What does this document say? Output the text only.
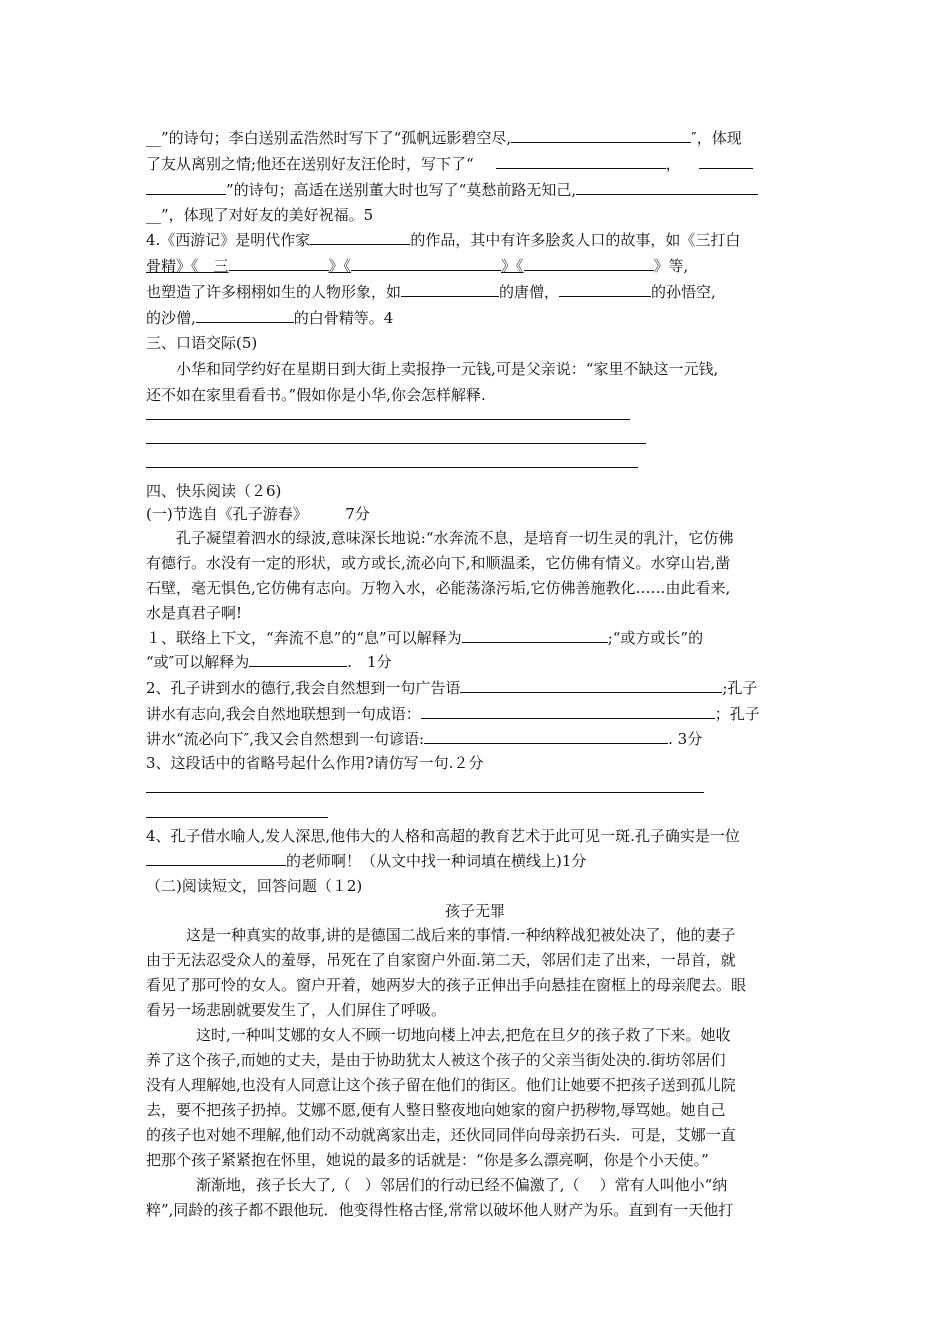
__”的诗句；李白送别孟浩然时写下了“孤帆远影碧空尽,	″，体现
了友从离别之情;他还在送别好友汪伦时，写下了“	，
”的诗句；高适在送别董大时也写了“莫愁前路无知己,
__”，体现了对好友的美好祝福。5
4.《西游记》是明代作家	的作品，其中有许多脍炙人口的故事，如《三打白
骨精》《　三	》《	》《	》等,
也塑造了许多栩栩如生的人物形象，如	的唐僧，	的孙悟空,
的沙僧,	的白骨精等。4
三、口语交际(5)
小华和同学约好在星期日到大街上卖报挣一元钱,可是父亲说：“家里不缺这一元钱,
还不如在家里看看书。”假如你是小华,你会怎样解释.
四、快乐阅读（２6)
(一)节选自《孔子游春》　　　7分
孔子凝望着泗水的绿波,意味深长地说:“水奔流不息，是培育一切生灵的乳汁，它仿佛
有德行。水没有一定的形状，或方或长,流必向下,和顺温柔，它仿佛有情义。水穿山岩,凿
石壁，毫无惧色,它仿佛有志向。万物入水，必能荡涤污垢,它仿佛善施教化……由此看来,
水是真君子啊!
１、联络上下文，“奔流不息”的“息”可以解释为	;“或方或长”的
“或″可以解释为	.　1分
2、孔子讲到水的德行,我会自然想到一句广告语	;孔子
讲水有志向,我会自然地联想到一句成语：	；孔子
讲水“流必向下″,我又会自然想到一句谚语:	. 3分
3、这段话中的省略号起什么作用?请仿写一句.２分
4、孔子借水喻人,发人深思,他伟大的人格和高超的教育艺术于此可见一斑.孔子确实是一位
的老师啊！（从文中找一种词填在横线上)1分
（二)阅读短文，回答问题（１2)
孩子无罪
这是一种真实的故事,讲的是德国二战后来的事情.一种纳粹战犯被处决了，他的妻子
由于无法忍受众人的羞辱，吊死在了自家窗户外面.第二天，邻居们走了出来，一昂首，就
看见了那可怜的女人。窗户开着，她两岁大的孩子正伸出手向悬挂在窗框上的母亲爬去。眼
看另一场悲剧就要发生了，人们屏住了呼吸。
这时,一种叫艾娜的女人不顾一切地向楼上冲去,把危在旦夕的孩子救了下来。她收
养了这个孩子,而她的丈夫，是由于协助犹太人被这个孩子的父亲当街处决的.街坊邻居们
没有人理解她,也没有人同意让这个孩子留在他们的街区。他们让她要不把孩子送到孤儿院
去，要不把孩子扔掉。艾娜不愿,便有人整日整夜地向她家的窗户扔秽物,辱骂她。她自己
的孩子也对她不理解,他们动不动就离家出走，还伙同同伴向母亲扔石头．可是，艾娜一直
把那个孩子紧紧抱在怀里，她说的最多的话就是：“你是多么漂亮啊，你是个小天使。”
渐渐地，孩子长大了,（ ）邻居们的行动已经不偏激了,（ ）常有人叫他小“纳
粹”,同龄的孩子都不跟他玩．他变得性格古怪,常常以破坏他人财产为乐。直到有一天他打
